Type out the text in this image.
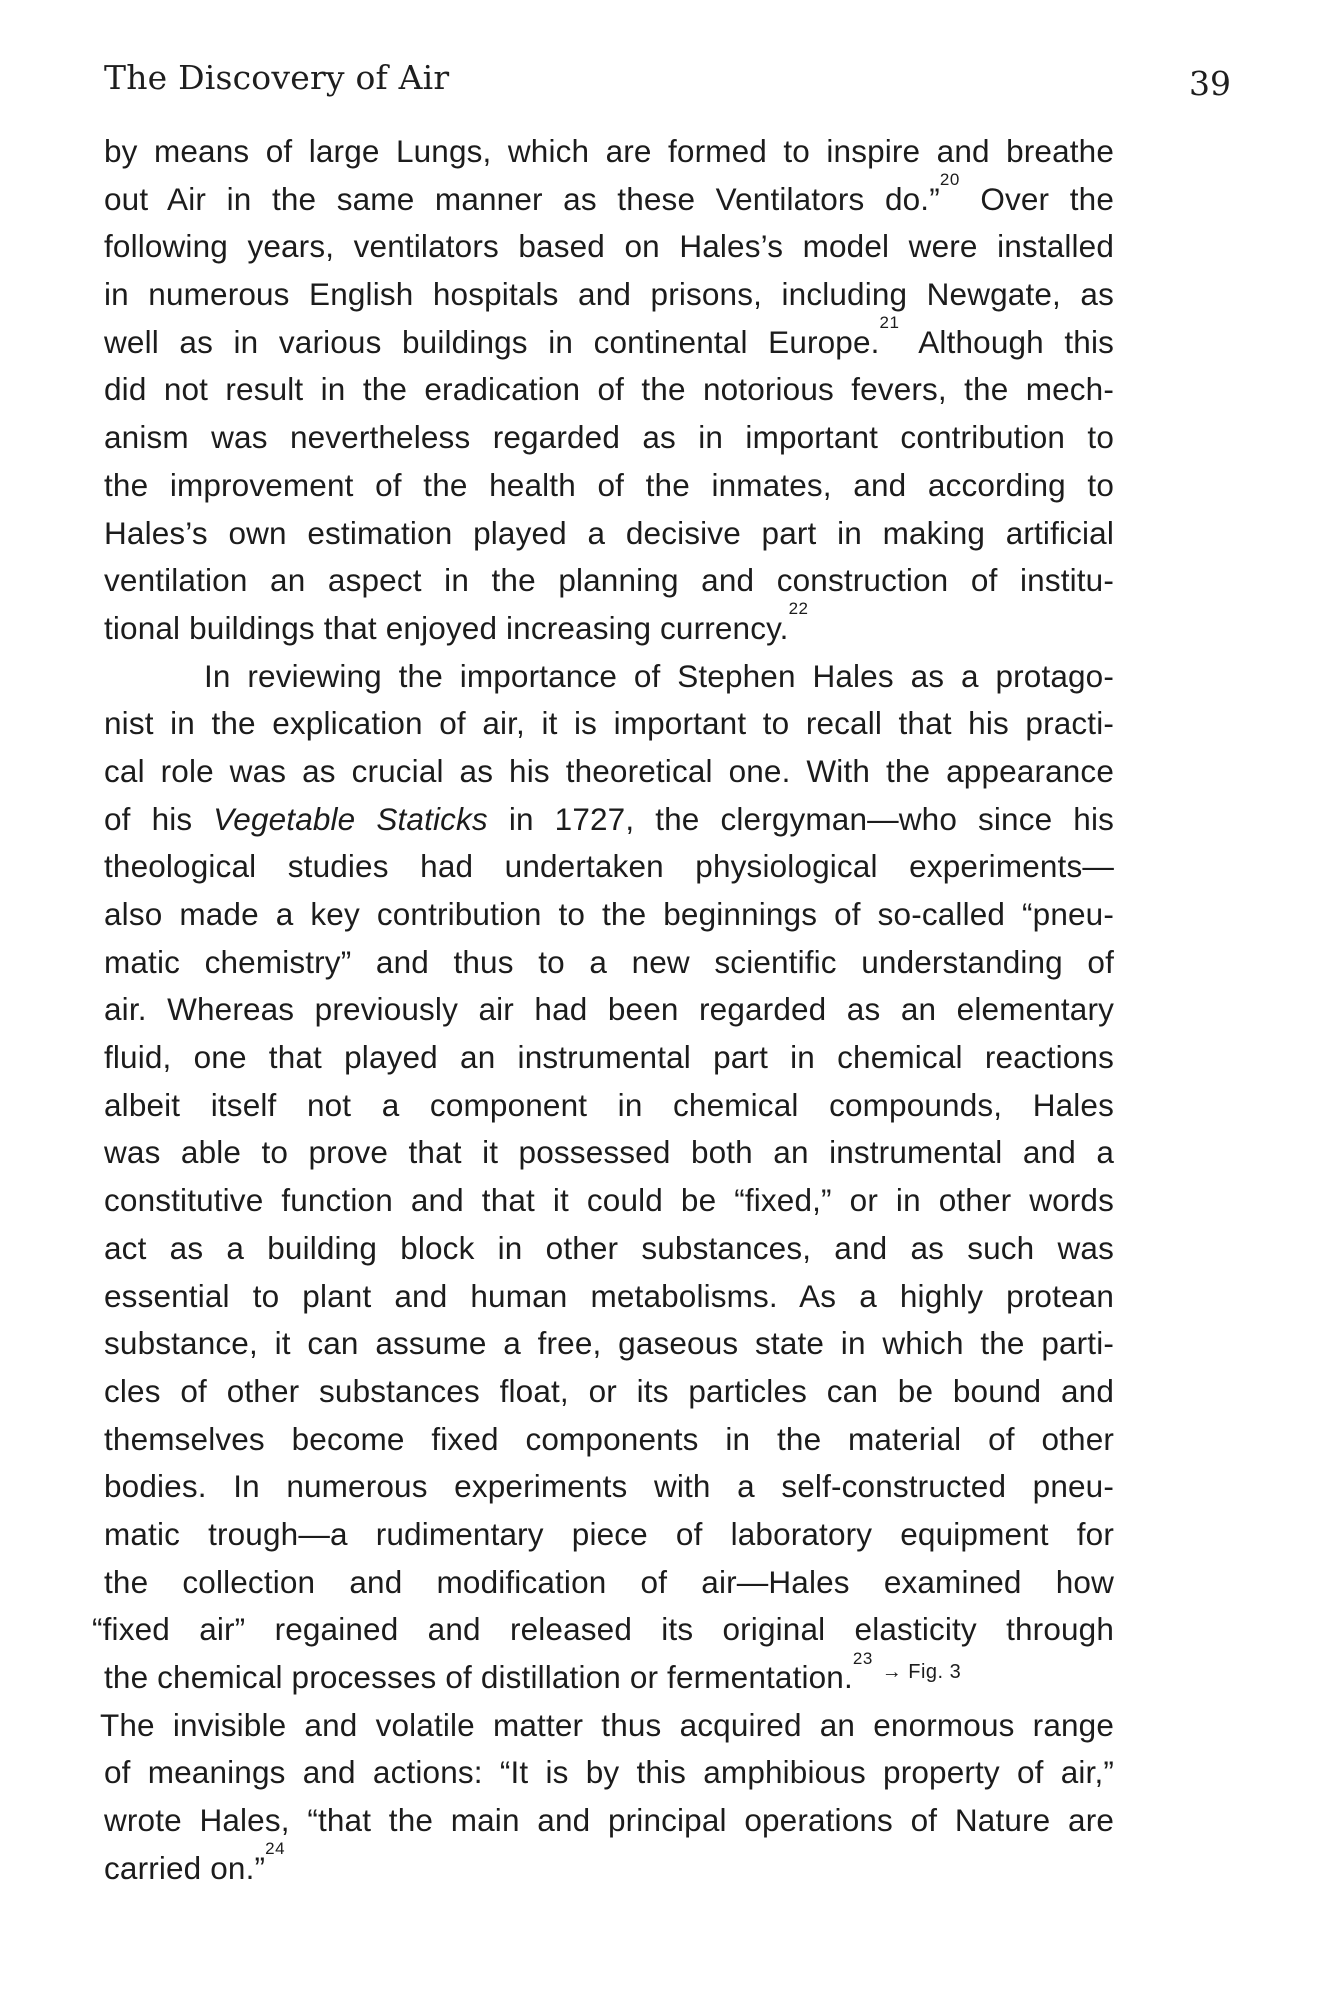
The Discovery of Air	39
by means of large Lungs, which are formed to inspire and breathe
out Air in the same manner as these Ventilators do.”$^{20}$ Over the
following years, ventilators based on Hales’s model were installed
in numerous English hospitals and prisons, including Newgate, as
well as in various buildings in continental Europe.$^{21}$ Although this
did not result in the eradication of the notorious fevers, the mech-
anism was nevertheless regarded as in important contribution to
the improvement of the health of the inmates, and according to
Hales’s own estimation played a decisive part in making artificial
ventilation an aspect in the planning and construction of institu-
tional buildings that enjoyed increasing currency.$^{22}$
In reviewing the importance of Stephen Hales as a protago-
nist in the explication of air, it is important to recall that his practi-
cal role was as crucial as his theoretical one. With the appearance
of his Vegetable Staticks in 1727, the clergyman—who since his
theological studies had undertaken physiological experiments—
also made a key contribution to the beginnings of so-called “pneu-
matic chemistry” and thus to a new scientific understanding of
air. Whereas previously air had been regarded as an elementary
fluid, one that played an instrumental part in chemical reactions
albeit itself not a component in chemical compounds, Hales
was able to prove that it possessed both an instrumental and a
constitutive function and that it could be “fixed,” or in other words
act as a building block in other substances, and as such was
essential to plant and human metabolisms. As a highly protean
substance, it can assume a free, gaseous state in which the parti-
cles of other substances float, or its particles can be bound and
themselves become fixed components in the material of other
bodies. In numerous experiments with a self-constructed pneu-
matic trough—a rudimentary piece of laboratory equipment for
the collection and modification of air—Hales examined how
“fixed air” regained and released its original elasticity through
the chemical processes of distillation or fermentation.$^{23}$ $^{\to Fig. 3}$
The invisible and volatile matter thus acquired an enormous range
of meanings and actions: “It is by this amphibious property of air,”
wrote Hales, “that the main and principal operations of Nature are
carried on.”$^{24}$
